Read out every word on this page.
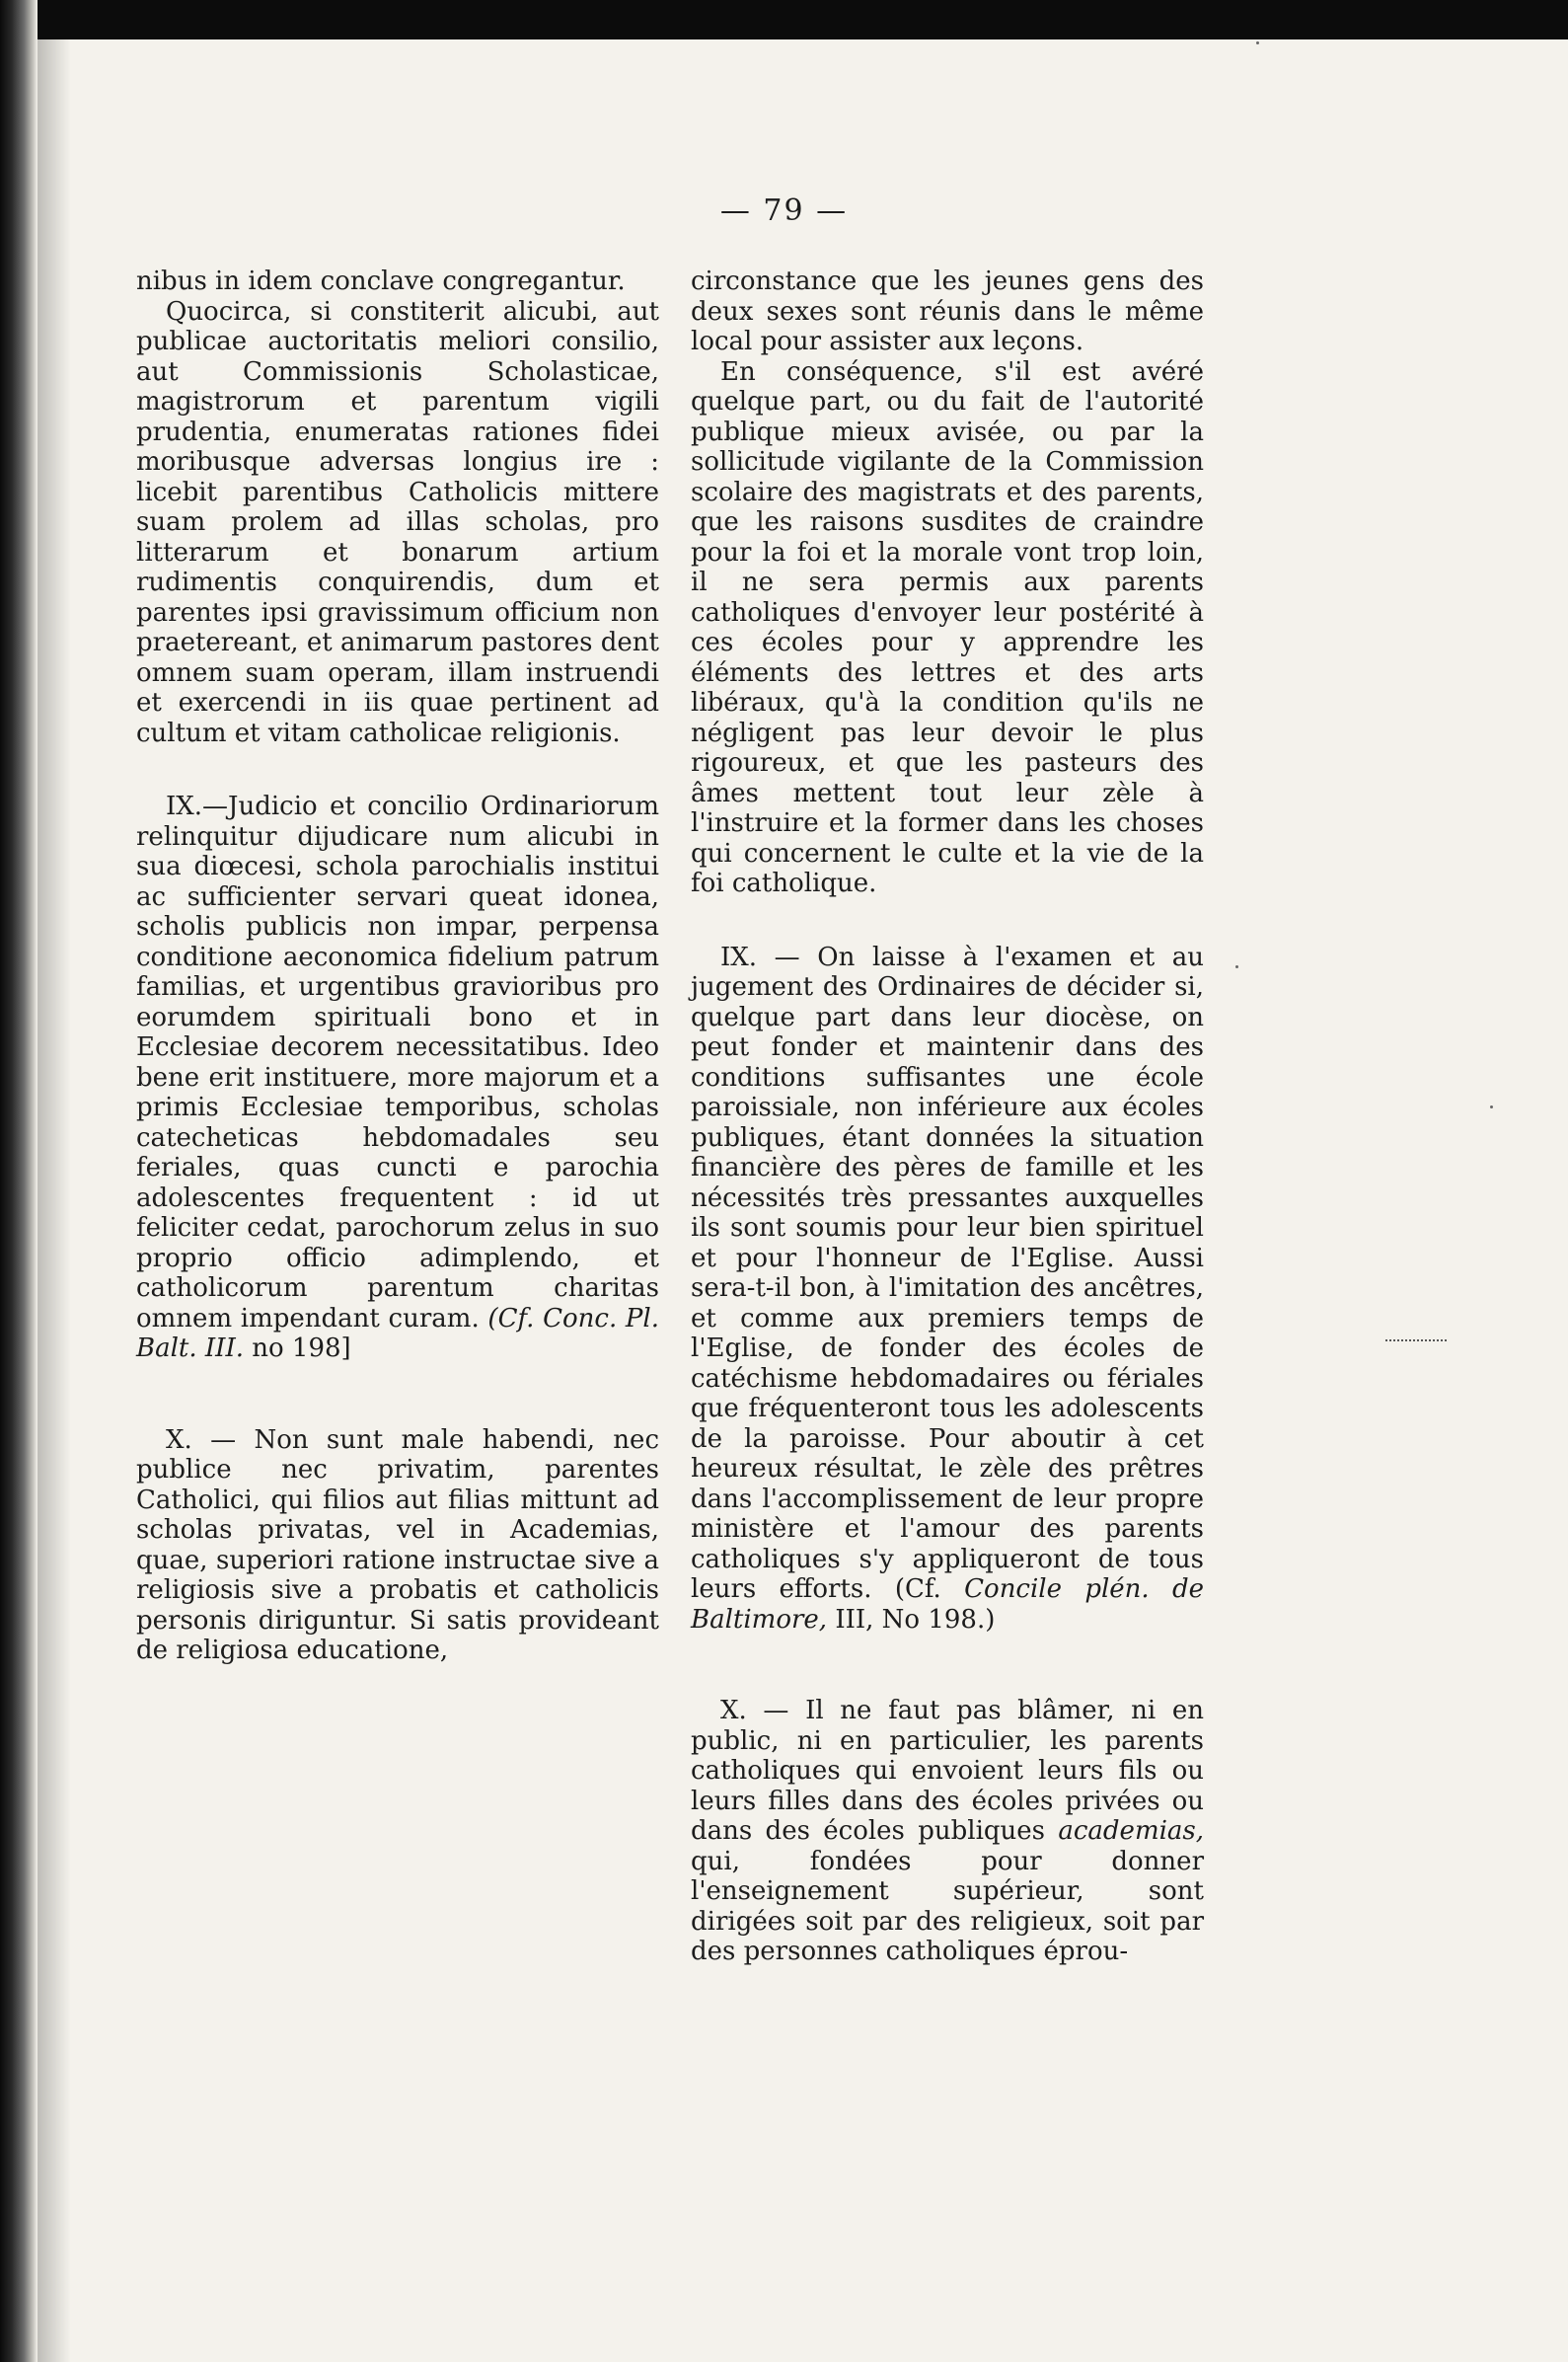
— 79 —

nibus in idem conclave congregantur.

Quocirca, si constiterit alicubi, aut publicae auctoritatis meliori consilio, aut Commissionis Scholasticae, magistrorum et parentum vigili prudentia, enumeratas rationes fidei moribusque adversas longius ire : licebit parentibus Catholicis mittere suam prolem ad illas scholas, pro litterarum et bonarum artium rudimentis conquirendis, dum et parentes ipsi gravissimum officium non praetereant, et animarum pastores dent omnem suam operam, illam instruendi et exercendi in iis quae pertinent ad cultum et vitam catholicae religionis.

IX.—Judicio et concilio Ordinariorum relinquitur dijudicare num alicubi in sua diœcesi, schola parochialis institui ac sufficienter servari queat idonea, scholis publicis non impar, perpensa conditione aeconomica fidelium patrum familias, et urgentibus gravioribus pro eorumdem spirituali bono et in Ecclesiae decorem necessitatibus. Ideo bene erit instituere, more majorum et a primis Ecclesiae temporibus, scholas catecheticas hebdomadales seu feriales, quas cuncti e parochia adolescentes frequentent : id ut feliciter cedat, parochorum zelus in suo proprio officio adimplendo, et catholicorum parentum charitas omnem impendant curam. (Cf. Conc. Pl. Balt. III. no 198]

X. — Non sunt male habendi, nec publice nec privatim, parentes Catholici, qui filios aut filias mittunt ad scholas privatas, vel in Academias, quae, superiori ratione instructae sive a religiosis sive a probatis et catholicis personis diriguntur. Si satis provideant de religiosa educatione,

circonstance que les jeunes gens des deux sexes sont réunis dans le même local pour assister aux leçons.

En conséquence, s'il est avéré quelque part, ou du fait de l'autorité publique mieux avisée, ou par la sollicitude vigilante de la Commission scolaire des magistrats et des parents, que les raisons susdites de craindre pour la foi et la morale vont trop loin, il ne sera permis aux parents catholiques d'envoyer leur postérité à ces écoles pour y apprendre les éléments des lettres et des arts libéraux, qu'à la condition qu'ils ne négligent pas leur devoir le plus rigoureux, et que les pasteurs des âmes mettent tout leur zèle à l'instruire et la former dans les choses qui concernent le culte et la vie de la foi catholique.

IX. — On laisse à l'examen et au jugement des Ordinaires de décider si, quelque part dans leur diocèse, on peut fonder et maintenir dans des conditions suffisantes une école paroissiale, non inférieure aux écoles publiques, étant données la situation financière des pères de famille et les nécessités très pressantes auxquelles ils sont soumis pour leur bien spirituel et pour l'honneur de l'Eglise. Aussi sera-t-il bon, à l'imitation des ancêtres, et comme aux premiers temps de l'Eglise, de fonder des écoles de catéchisme hebdomadaires ou fériales que fréquenteront tous les adolescents de la paroisse. Pour aboutir à cet heureux résultat, le zèle des prêtres dans l'accomplissement de leur propre ministère et l'amour des parents catholiques s'y appliqueront de tous leurs efforts. (Cf. Concile plén. de Baltimore, III, No 198.)

X. — Il ne faut pas blâmer, ni en public, ni en particulier, les parents catholiques qui envoient leurs fils ou leurs filles dans des écoles privées ou dans des écoles publiques academias, qui, fondées pour donner l'enseignement supérieur, sont dirigées soit par des religieux, soit par des personnes catholiques éprou-
